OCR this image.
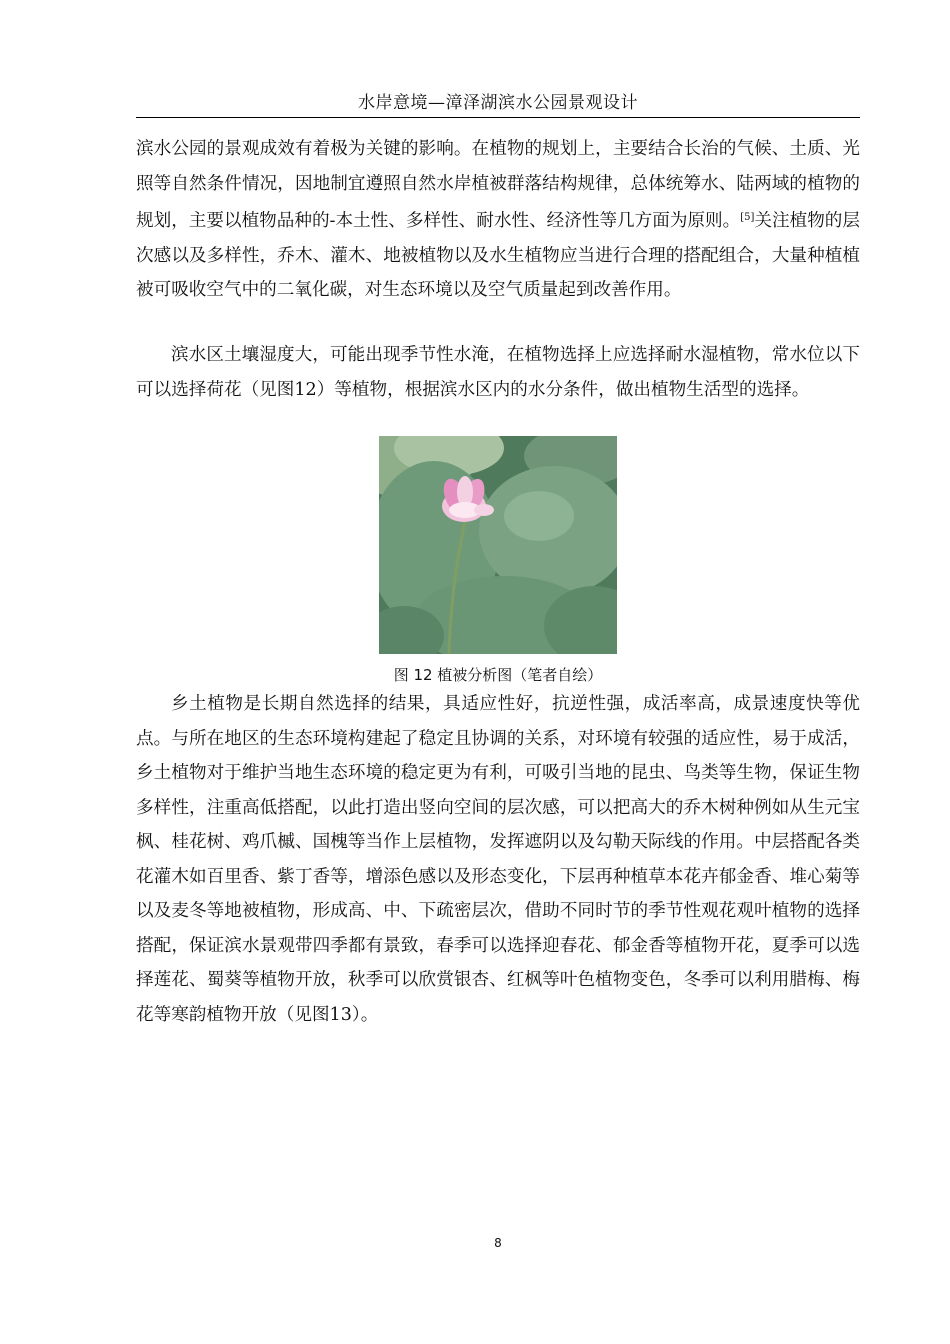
水岸意境—漳泽湖滨水公园景观设计

滨水公园的景观成效有着极为关键的影响。在植物的规划上，主要结合长治的气候、土质、光照等自然条件情况，因地制宜遵照自然水岸植被群落结构规律，总体统筹水、陆两域的植物的规划，主要以植物品种的-本土性、多样性、耐水性、经济性等几方面为原则。[5]关注植物的层次感以及多样性，乔木、灌木、地被植物以及水生植物应当进行合理的搭配组合，大量种植植被可吸收空气中的二氧化碳，对生态环境以及空气质量起到改善作用。

滨水区土壤湿度大，可能出现季节性水淹，在植物选择上应选择耐水湿植物，常水位以下可以选择荷花（见图12）等植物，根据滨水区内的水分条件，做出植物生活型的选择。

图 12 植被分析图（笔者自绘）

乡土植物是长期自然选择的结果，具适应性好，抗逆性强，成活率高，成景速度快等优点。与所在地区的生态环境构建起了稳定且协调的关系，对环境有较强的适应性，易于成活，乡土植物对于维护当地生态环境的稳定更为有利，可吸引当地的昆虫、鸟类等生物，保证生物多样性，注重高低搭配，以此打造出竖向空间的层次感，可以把高大的乔木树种例如从生元宝枫、桂花树、鸡爪槭、国槐等当作上层植物，发挥遮阴以及勾勒天际线的作用。中层搭配各类花灌木如百里香、紫丁香等，增添色感以及形态变化，下层再种植草本花卉郁金香、堆心菊等以及麦冬等地被植物，形成高、中、下疏密层次，借助不同时节的季节性观花观叶植物的选择搭配，保证滨水景观带四季都有景致，春季可以选择迎春花、郁金香等植物开花，夏季可以选择莲花、蜀葵等植物开放，秋季可以欣赏银杏、红枫等叶色植物变色，冬季可以利用腊梅、梅花等寒韵植物开放（见图13）。

8
